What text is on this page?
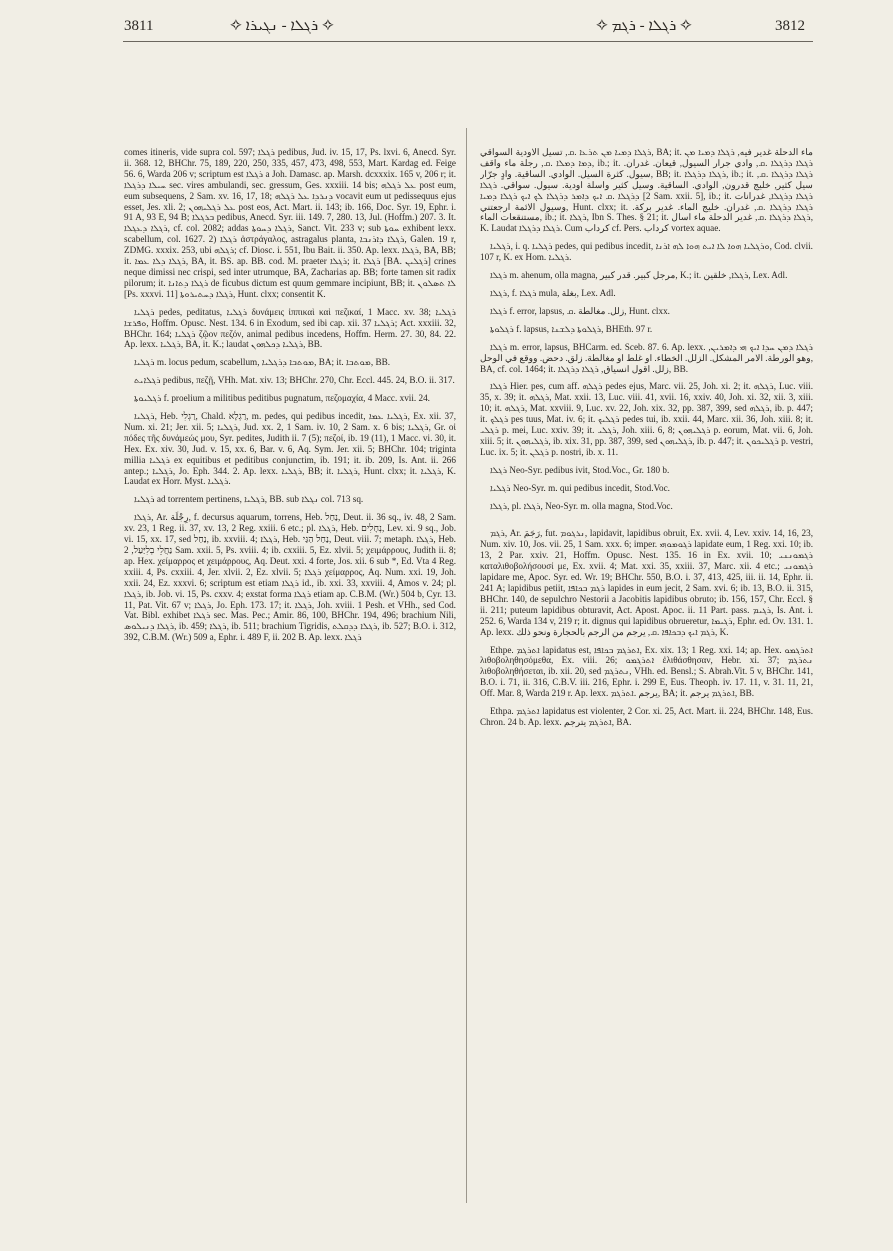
3811	✧ ܪܓܠܐ - ܢܓܝܪܐ ✧	✧ ܪܓܠܐ - ܪܓܡ ✧	3812

comes itineris, vide supra col. 597; ܪܓܠܐ pedibus, Jud. iv. 15, 17, Ps. lxvi. 6, Anecd. Syr. ii. 368. 12, BHChr. 75, 189, 220, 250, 335, 457, 473, 498, 553, Mart. Kardag ed. Feige 56. 6, Warda 206 v; scriptum est ܪܓܠܐ a Joh. Damasc. ap. Marsh. dcxxxix. 165 v, 206 r; it. ܚܝܠܐ ܕܪܓܠܐ sec. vires ambulandi, sec. gressum, Ges. xxxiii. 14 bis; ܥܠ ܪܓܠܗ post eum, eum subsequens, 2 Sam. xv. 16, 17, 18; ܕܢܪܕܐ ܥܠ ܪܓܠܗ vocavit eum ut pedissequus ejus esset, Jes. xli. 2; ܥܠ ܪܓܠܝܗܘܢ post eos, Act. Mart. ii. 143; ib. 166, Doc. Syr. 19, Ephr. i. 91 A, 93 E, 94 B; ܒܪܓܠܐ pedibus, Anecd. Syr. iii. 149. 7, 280. 13, Jul. (Hoffm.) 207. 3. It. ܪܓܠܐ ܕܥܓܠܐ, cf. col. 2082; addas ܪܓܠܐ ܕܚܘܬܐ, Sanct. Vit. 233 v; sub ܚܘܬܐ exhibent lexx. scabellum, col. 1627. 2) ܪܓܠܐ ἀστράγαλος, astragalus planta, ܪܓܠܐ ܕܐܪܢܒܐ, Galen. 19 r, ZDMG. xxxix. 253, ubi ܪܓܠܗ; cf. Diosc. i. 551, Ibu Bait. ii. 350. Ap. lexx. ܪܓܠܐ, BA, BB; it. ܪܓܠܐ ܕܠܐ ܥܡܐ, BA, it. BS. ap. BB. cod. M. praeter ܪܓܠܐ; it. ܪܓܠܐ [BA. ܪܓܠܝܢ] crines neque dimissi nec crispi, sed inter utrumque, BA, Zacharias ap. BB; forte tamen sit radix pilorum; it. ܪܓܠܐ ܕܬܐܢܐ de ficubus dictum est quum gemmare incipiunt, BB; it. ܠܐ ܬܣܠܘܢ [Ps. xxxvi. 11] ܪܓܠܐ ܕܚܬܝܪܘܬܐ, Hunt. clxx; consentit K.

ܪܓܠܝܐ pedes, peditatus, ܪܓܠܝܐ δυνάμεις ἱππικαὶ καὶ πεζικαί, 1 Macc. xv. 38; ܪܓܠܝܐ ܘܦܪܫܐ, Hoffm. Opusc. Nest. 134. 6 in Exodum, sed ibi cap. xii. 37 ܪܓܠܝܐ; Act. xxxiii. 32, BHChr. 164; ܪܓܠܝܐ ζῷον πεζόν, animal pedibus incedens, Hoffm. Herm. 27. 30, 84. 22. Ap. lexx. ܪܓܠܝܐ, BA, it. K.; laudat ܪܓܠܝܐ ܕܟܠܗܘܢ, BB.

ܪܓܠܝܐ m. locus pedum, scabellum, ܡܘܬܒܐ ܕܪܓܠܝܐ, BA; it. ܡܘܬܒܐ, BB.

ܪܓܠܐܝܬ pedibus, πεζῇ, VHh. Mat. xiv. 13; BHChr. 270, Chr. Eccl. 445. 24, B.O. ii. 317.

ܪܓܠܝܘܬܐ f. proelium a militibus peditibus pugnatum, πεζομαχία, 4 Macc. xvii. 24.

ܪܓܠܝܐ, Heb. רַגְלִי, Chald. רַגְלָא, m. pedes, qui pedibus incedit, ܪܓܠܝܐ ܥܡܐ, Ex. xii. 37, Num. xi. 21; Jer. xii. 5; ܪܓܠܝܐ, Jud. xx. 2, 1 Sam. iv. 10, 2 Sam. x. 6 bis; ܪܓܠܝܐ, Gr. οἱ πόδες τῆς δυνάμεώς μου, Syr. pedites, Judith ii. 7 (5); πεζοί, ib. 19 (11), 1 Macc. vi. 30, it. Hex. Ex. xiv. 30, Jud. v. 15, xx. 6, Bar. v. 6, Aq. Sym. Jer. xii. 5; BHChr. 104; triginta millia ܪܓܠܝܐ ex equitibus et peditibus conjunctim, ib. 191; it. ib. 209, Is. Ant. ii. 266 antep.; ܪܓܠܝܐ, Jo. Eph. 344. 2. Ap. lexx. ܪܓܠܝܐ, BB; it. ܪܓܠܝܐ, Hunt. clxx; it. ܪܓܠܝܐ, K. Laudat ex Horr. Myst. ܪܓܠܝܐ.

ܪܓܠܝܐ ad torrentem pertinens, ܪܓܠܝܐ, BB. sub ܢܓܠܐ col. 713 sq.

ܪܓܠܐ, Ar. رِجْلَة, f. decursus aquarum, torrens, Heb. נַחַל, Deut. ii. 36 sq., iv. 48, 2 Sam. xv. 23, 1 Reg. ii. 37, xv. 13, 2 Reg. xxiii. 6 etc.; pl. ܪܓܠܐ, Heb. נְחָלִים, Lev. xi. 9 sq., Job. vi. 15, xx. 17, sed נַחַל, ib. xxviii. 4; ܪܓܠܐ, Heb. נַחַל הַגַּי, Deut. viii. 7; metaph. ܪܓܠܐ, Heb. נַחֲלֵי בְלִיַּעַל, 2 Sam. xxii. 5, Ps. xviii. 4; ib. cxxiii. 5, Ez. xlvii. 5; χειμάρρους, Judith ii. 8; ap. Hex. χείμαρρος et χειμάρρους, Aq. Deut. xxi. 4 forte, Jos. xii. 6 sub *, Ed. Vta 4 Reg. xxiii. 4, Ps. cxxiii. 4, Jer. xlvii. 2, Ez. xlvii. 5; ܪܓܠܐ χείμαρρος, Aq. Num. xxi. 19, Joh. xxii. 24, Ez. xxxvi. 6; scriptum est etiam ܪܓܠܐ id., ib. xxi. 33, xxviii. 4, Amos v. 24; pl. ܪܓܠܐ, ib. Job. vi. 15, Ps. cxxv. 4; exstat forma ܪܓܠܐ etiam ap. C.B.M. (Wr.) 504 b, Cyr. 13. 11, Pat. Vit. 67 v; ܪܓܠܐ, Jo. Eph. 173. 17; it. ܪܓܠܐ, Joh. xviii. 1 Pesh. et VHh., sed Cod. Vat. Bibl. exhibet ܪܓܠܐ sec. Mas. Pec.; Amir. 86, 100, BHChr. 194, 496; brachium Nili, ܪܓܠܐ ܕܢܝܠܘܣ, ib. 459; ܪܓܠܐ, ib. 511; brachium Tigridis, ܪܓܠܐ ܕܕܩܠܬ, ib. 527; B.O. i. 312, 392, C.B.M. (Wr.) 509 a, Ephr. i. 489 F, ii. 202 B. Ap. lexx. ܪܓܠܐ

ܪܓܠܐ ܕܡܝܐ ܡܢ ܬܪܥܐ .ܩ, تسيل الاودية السواقي, BA; it. ماء الدحلة غدير فيه, ܪܓܠܐ ܕܡܝܐ ܡܢ ܕܡܐ ܕܡܠܐ .ܩ, رجلة ماء واقف, ib.; it. ܪܓܠܐ ܕܪܓܠܐ .ܩ, وادي جرار السيول, قيعان. غدران. سيول. كثرة السيل. الوادي. الساقية. وادٍ جرّار, BB; it. ܪܓܠܐ ܕܪܓܠܐ, ib.; it. ܪܓܠܐ ܕܪܓܠܐ .ܩ, سيل كثير, خليج قدرون, الوادي. الساقية. وسيل كثير واسلة اودية. سيول. سواقي. ܪܓܠܐ ܕܪܓܠܐ .ܩ ܐܝܟ ܕܐܡܪ ܕܪܓܠܐ ܠܟ ܐܝܟ ܪܓܠܐ ܕܡܝܐ [2 Sam. xxii. 5], ib.; it. ܪܓܠܐ ܕܪܓܠܐ, غدرانات وسيول الائمة ارجعتني, Hunt. clxx; it. ܪܓܠܐ ܕܪܓܠܐ .ܩ, غدران. خليج الماء. غدير بركة. مستنقعات الماء, ib.; it. ܪܓܠܐ, Ibn S. Thes. § 21; it. ܪܓܠܐ ܕܪܓܠܐ .ܩ, غدير الدحلة ماء اسال, K. Laudat ܪܓܠܐ ܕܪܓܠܐ. Cum كرداب cf. Pers. كرداب vortex aquae.

ܪܓܠܝܐ, i. q. ܪܓܠܝܐ pedes, qui pedibus incedit, ܘܪܓܠܝܐ ܗܘܐ ܠܐ ܐܝܬ ܗܘܐ ܠܗ ܐܪܢܐ, Cod. clvii. 107 r, K. ex Hom. ܪܓܠܝܐ.

ܪܓܠܐ m. ahenum, olla magna, مرجل كبير. قدر كبير, K.; it. ܪܓܠܐ, خلقين, Lex. Adl.

ܪܓܠܐ, f. ܪܓܠܐ mula, بغلة, Lex. Adl.

ܪܓܠܐ f. error, lapsus, زلل. مغالطة .ܩ, Hunt. clxx.

ܪܓܠܘܬܐ f. lapsus, ܪܓܠܘܬܐ ܕܠܫܢܐ, BHEth. 97 r.

ܪܓܠܐ m. error, lapsus, BHCarm. ed. Sceb. 87. 6. Ap. lexx. ܪܓܠܐ ܕܡܢ ܚܕܐ ܐܝܟ ܗܝ ܕܐܡܪܝܢ, وهو الورطة. الامر المشكل. الزلل. الخطاء. او غلط او مغالطة. زلق. دحض. ووقع في الوحل, BA, cf. col. 1464; it. زلل. اقول انسياق, ܪܓܠܐ ܕܪܓܠܐ, BB.

ܪܓܠܐ Hier. pes, cum aff. ܪܓܠܗ pedes ejus, Marc. vii. 25, Joh. xi. 2; it. ܪܓܠܗ, Luc. viii. 35, x. 39; it. ܪܓܠܗ, Mat. xxii. 13, Luc. viii. 41, xvii. 16, xxiv. 40, Joh. xi. 32, xii. 3, xiii. 10; it. ܪܓܠܗ, Mat. xxviii. 9, Luc. xv. 22, Joh. xix. 32, pp. 387, 399, sed ܪܓܠܗ, ib. p. 447; it. ܪܓܠܟ pes tuus, Mat. iv. 6; it. ܪܓܠܝܟ pedes tui, ib. xxii. 44, Marc. xii. 36, Joh. xiii. 8; it. ܪܓܠܝ p. mei, Luc. xxiv. 39; it. ܪܓܠܝ, Joh. xiii. 6, 8; ܪܓܠܝܗܘܢ p. eorum, Mat. vii. 6, Joh. xiii. 5; it. ܪܓܠܝܗܘܢ, ib. xix. 31, pp. 387, 399, sed ܪܓܠܝܗܘܢ, ib. p. 447; it. ܪܓܠܝܟܘܢ p. vestri, Luc. ix. 5; it. ܪܓܠܢ p. nostri, ib. x. 11.

ܪܓܠܐ Neo-Syr. pedibus ivit, Stod.Voc., Gr. 180 b.

ܪܓܠܝܐ Neo-Syr. m. qui pedibus incedit, Stod.Voc.

ܪܓܠܐ, pl. ܪܓܠܐ, Neo-Syr. m. olla magna, Stod.Voc.

ܪܓܡ, Ar. رَجَمَ, fut. ܢܪܓܘܡ, lapidavit, lapidibus obruit, Ex. xvii. 4, Lev. xxiv. 14, 16, 23, Num. xiv. 10, Jos. vii. 25, 1 Sam. xxx. 6; imper. ܪܓܘܡܘܗܝ lapidate eum, 1 Reg. xxi. 10; ib. 13, 2 Par. xxiv. 21, Hoffm. Opusc. Nest. 135. 16 in Ex. xvii. 10; ܪܓܡܘܢܢܝ καταλιθοβολήσουσί με, Ex. xvii. 4; Mat. xxi. 35, xxiii. 37, Marc. xii. 4 etc.; ܪܓܡܘܢܝ lapidare me, Apoc. Syr. ed. Wr. 19; BHChr. 550, B.O. i. 37, 413, 425, iii. ii. 14, Ephr. ii. 241 A; lapidibus petiit, ܪܓܡ ܒܟܐܦܐ lapides in eum jecit, 2 Sam. xvi. 6; ib. 13, B.O. ii. 315, BHChr. 140, de sepulchro Nestorii a Jacobitis lapidibus obruto; ib. 156, 157, Chr. Eccl. § ii. 211; puteum lapidibus obturavit, Act. Apost. Apoc. ii. 11 Part. pass. ܪܓܝܡ, Is. Ant. i. 252. 6, Warda 134 v, 219 r; it. dignus qui lapidibus obrueretur, ܪܓܝܡܐ, Ephr. ed. Ov. 131. 1. Ap. lexx. ܪܓܡ ܐܝܟ ܕܒܟܐܦܐ .ܩ, يرجم من الرجم بالحجارة ونحو ذلك, K.

Ethpe. ܐܬܪܓܡ lapidatus est, ܐܬܪܓܡ ܒܟܐܦܐ, Ex. xix. 13; 1 Reg. xxi. 14; ap. Hex. ܐܬܪܓܡܘ λιθοβοληθησόμεθα, Ex. viii. 26; ܐܬܪܓܡܘ ἐλιθάσθησαν, Hebr. xi. 37; ܢܬܪܓܡ λιθοβοληθήσεται, ib. xii. 20, sed ܢܬܪܓܡ, VHh. ed. Bensl.; S. Abrah.Vit. 5 v, BHChr. 141, B.O. i. 71, ii. 316, C.B.V. iii. 216, Ephr. i. 299 E, Eus. Theoph. iv. 17. 11, v. 31. 11, 21, Off. Mar. 8, Warda 219 r. Ap. lexx. يرجم .ܐܬܪܓܡ, BA; it. ܐܬܪܓܡ يرجم, BB.

Ethpa. ܐܬܪܓܡ lapidatus est violenter, 2 Cor. xi. 25, Act. Mart. ii. 224, BHChr. 148, Eus. Chron. 24 b. Ap. lexx. ܐܬܪܓܡ يترجم, BA.
